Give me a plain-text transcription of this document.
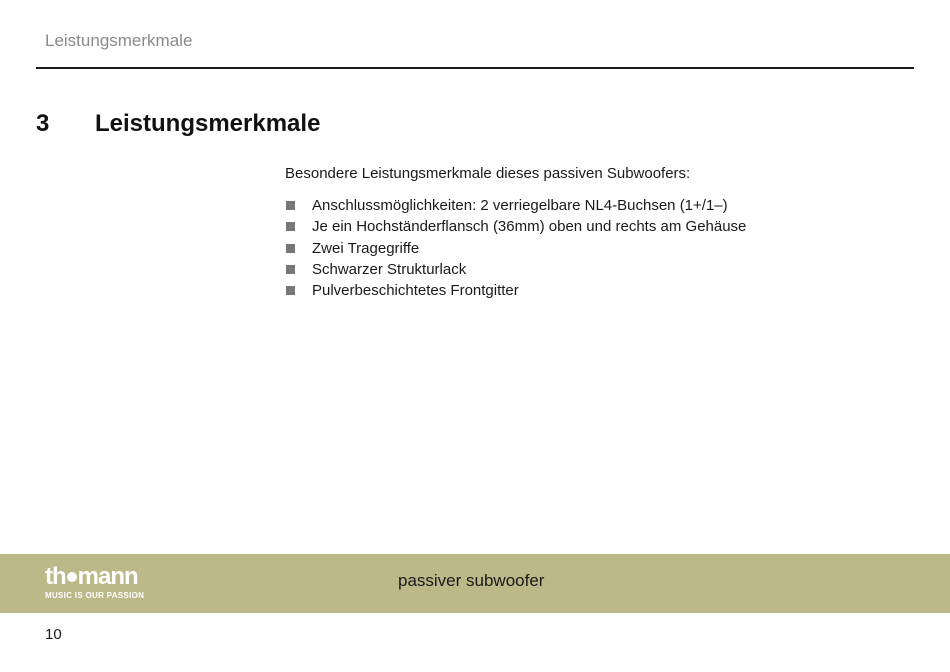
Leistungsmerkmale
3 Leistungsmerkmale

Besondere Leistungsmerkmale dieses passiven Subwoofers:

Anschlussmöglichkeiten: 2 verriegelbare NL4-Buchsen (1+/1–)
Je ein Hochständerflansch (36mm) oben und rechts am Gehäuse
Zwei Tragegriffe
Schwarzer Strukturlack
Pulverbeschichtetes Frontgitter
th mann
MUSIC IS OUR PASSION
passiver subwoofer
10
